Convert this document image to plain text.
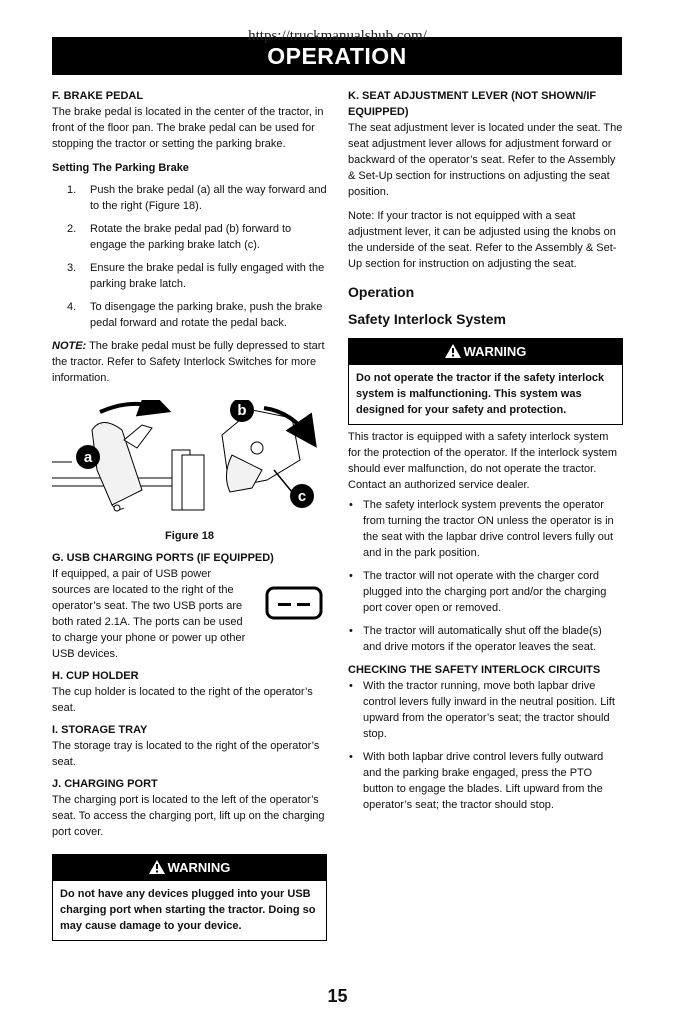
https://truckmanualshub.com/
OPERATION

F. BRAKE PEDAL

The brake pedal is located in the center of the tractor, in front of the floor pan. The brake pedal can be used for stopping the tractor or setting the parking brake.

Setting The Parking Brake

1. Push the brake pedal (a) all the way forward and to the right (Figure 18).
2. Rotate the brake pedal pad (b) forward to engage the parking brake latch (c).
3. Ensure the brake pedal is fully engaged with the parking brake latch.
4. To disengage the parking brake, push the brake pedal forward and rotate the pedal back.

NOTE: The brake pedal must be fully depressed to start the tractor. Refer to Safety Interlock Switches for more information.

a
b
c

Figure 18

G. USB CHARGING PORTS (IF EQUIPPED)

If equipped, a pair of USB power sources are located to the right of the operator’s seat. The two USB ports are both rated 2.1A. The ports can be used to charge your phone or power up other USB devices.

H. CUP HOLDER

The cup holder is located to the right of the operator’s seat.

I. STORAGE TRAY

The storage tray is located to the right of the operator’s seat.

J. CHARGING PORT

The charging port is located to the left of the operator’s seat. To access the charging port, lift up on the charging port cover.

WARNING
Do not have any devices plugged into your USB charging port when starting the tractor. Doing so may cause damage to your device.

K. SEAT ADJUSTMENT LEVER (NOT SHOWN/IF EQUIPPED)

The seat adjustment lever is located under the seat. The seat adjustment lever allows for adjustment forward or backward of the operator’s seat. Refer to the Assembly & Set-Up section for instructions on adjusting the seat position.

Note: If your tractor is not equipped with a seat adjustment lever, it can be adjusted using the knobs on the underside of the seat. Refer to the Assembly & Set-Up section for instruction on adjusting the seat.

Operation

Safety Interlock System

WARNING
Do not operate the tractor if the safety interlock system is malfunctioning. This system was designed for your safety and protection.

This tractor is equipped with a safety interlock system for the protection of the operator. If the interlock system should ever malfunction, do not operate the tractor. Contact an authorized service dealer.

• The safety interlock system prevents the operator from turning the tractor ON unless the operator is in the seat with the lapbar drive control levers fully out and in the park position.
• The tractor will not operate with the charger cord plugged into the charging port and/or the charging port cover open or removed.
• The tractor will automatically shut off the blade(s) and drive motors if the operator leaves the seat.

CHECKING THE SAFETY INTERLOCK CIRCUITS

• With the tractor running, move both lapbar drive control levers fully inward in the neutral position. Lift upward from the operator’s seat; the tractor should stop.
• With both lapbar drive control levers fully outward and the parking brake engaged, press the PTO button to engage the blades. Lift upward from the operator’s seat; the tractor should stop.
15
